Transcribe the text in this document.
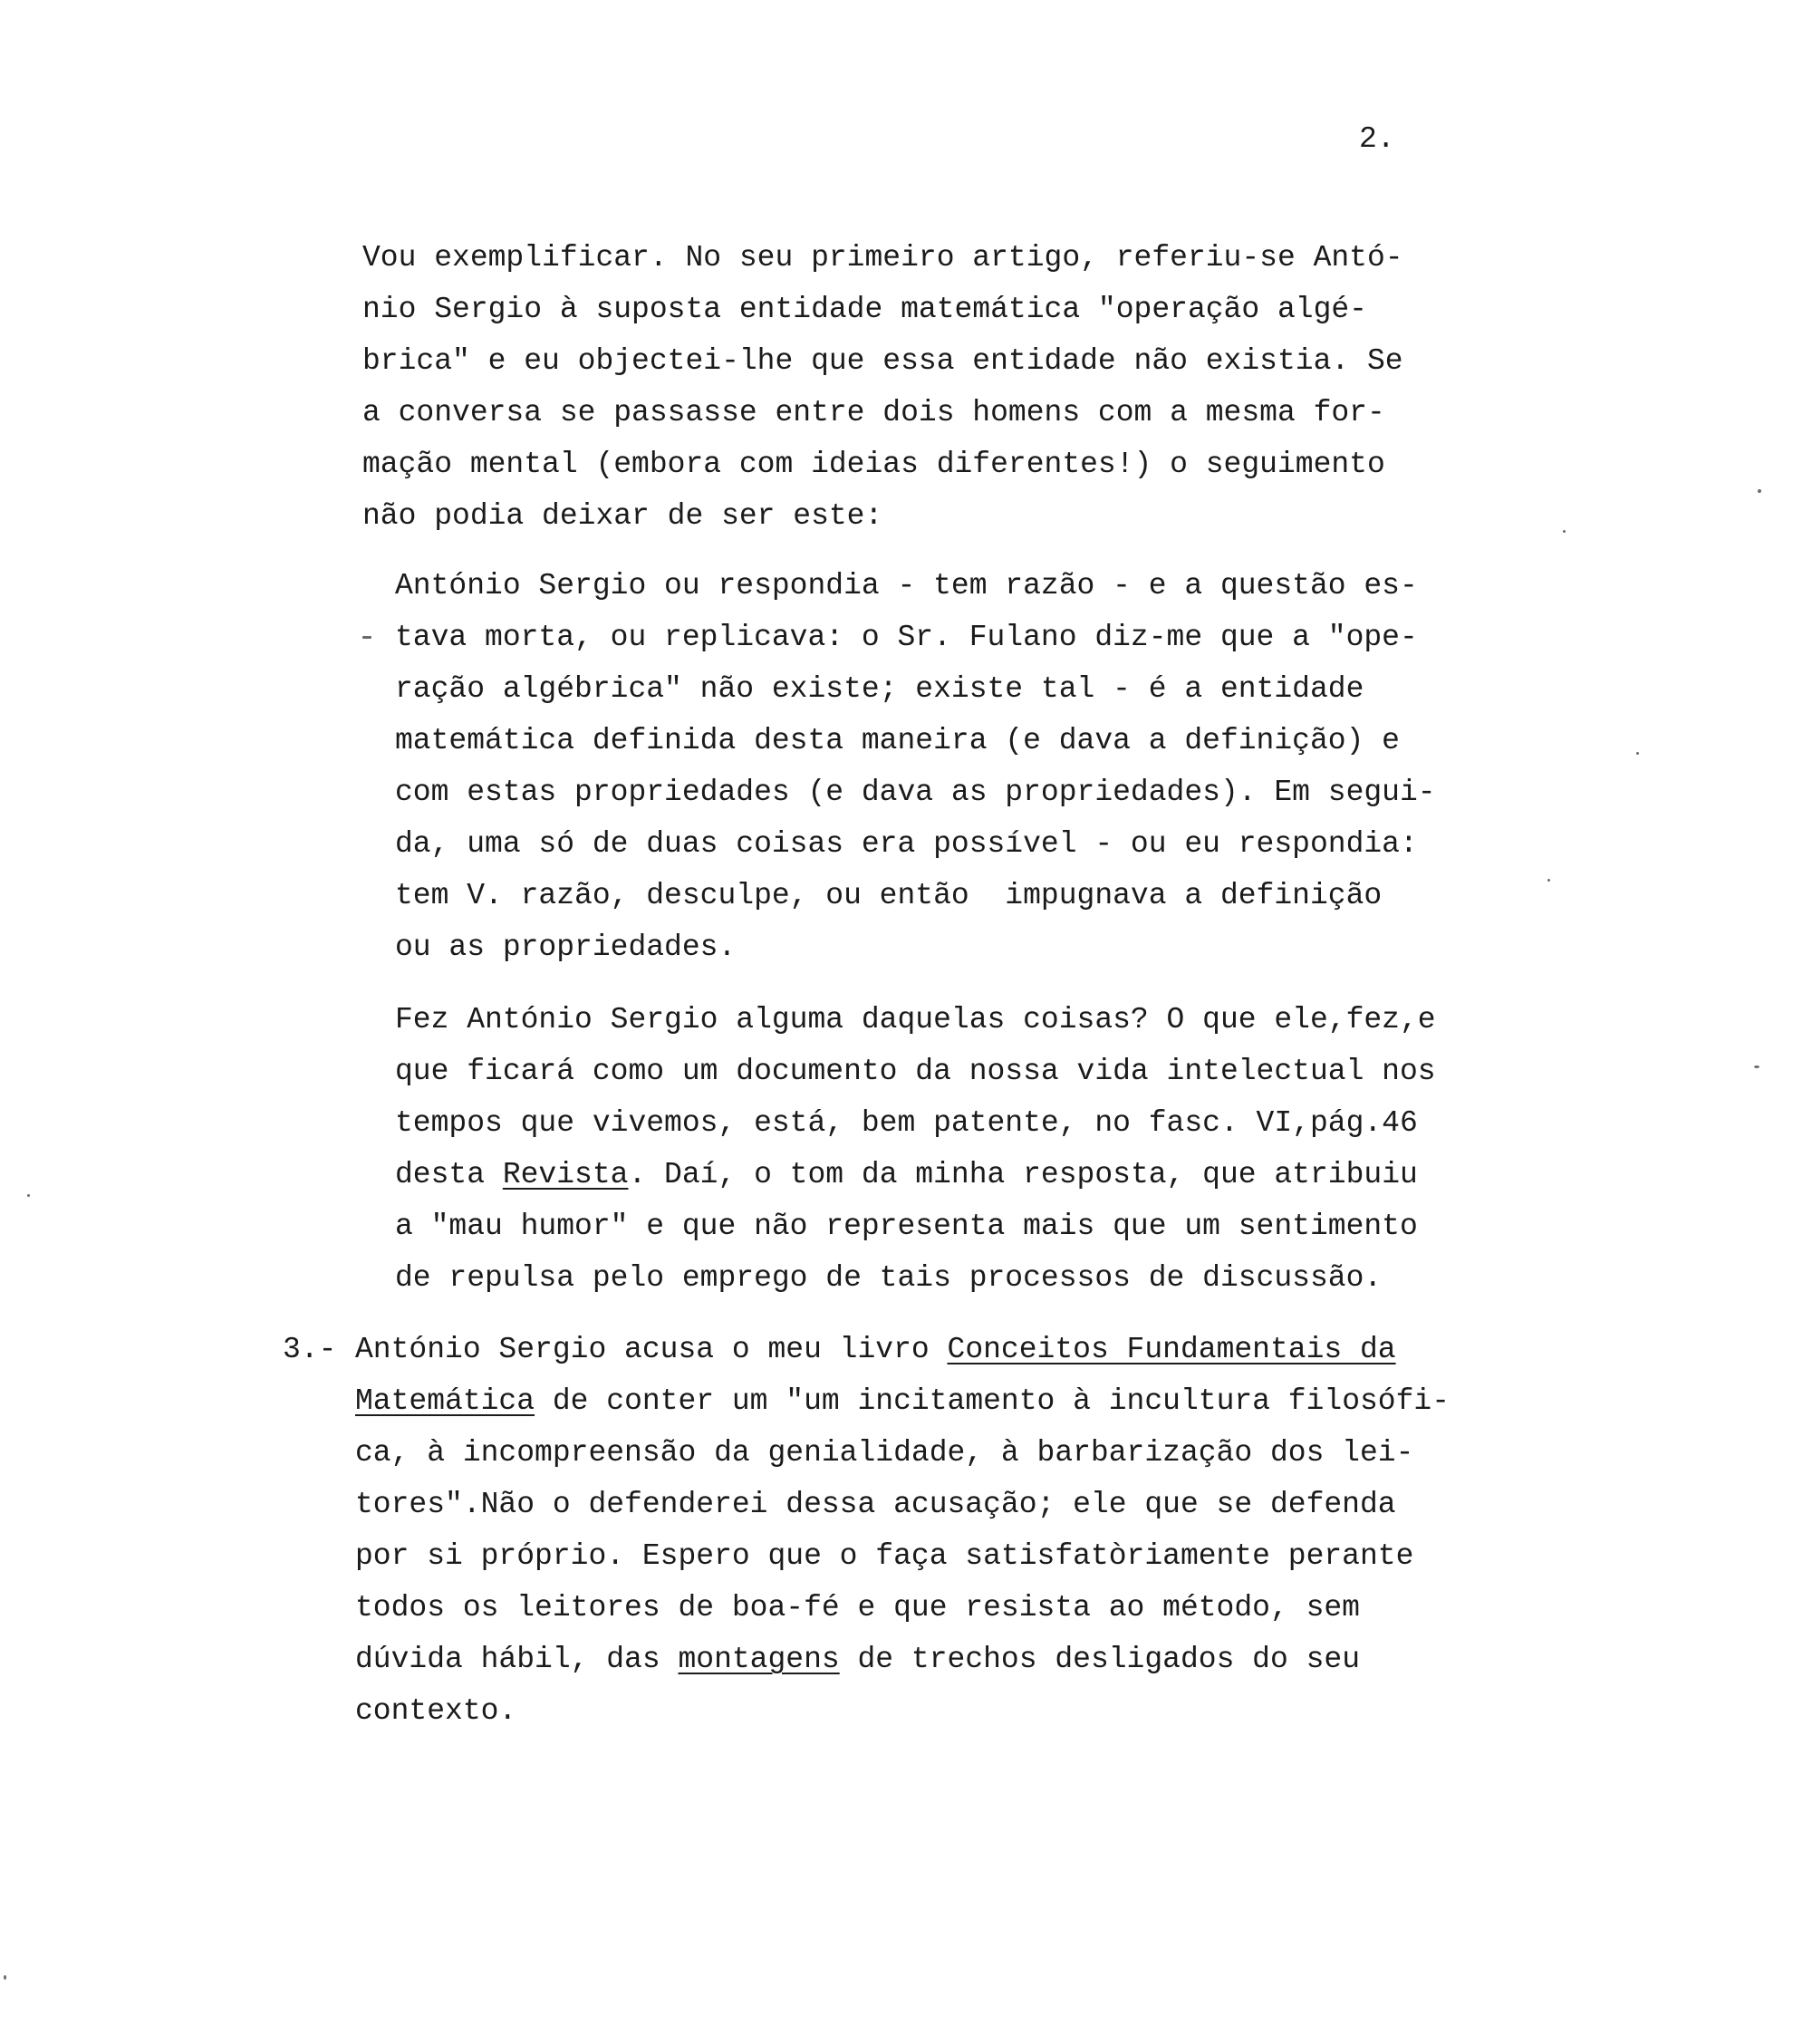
2.
Vou exemplificar. No seu primeiro artigo, referiu-se Antó-
nio Sergio à suposta entidade matemática "operação algé-
brica" e eu objectei-lhe que essa entidade não existia. Se
a conversa se passasse entre dois homens com a mesma for-
mação mental (embora com ideias diferentes!) o seguimento
não podia deixar de ser este:
António Sergio ou respondia - tem razão - e a questão es-
tava morta, ou replicava: o Sr. Fulano diz-me que a "ope-
ração algébrica" não existe; existe tal - é a entidade
matemática definida desta maneira (e dava a definição) e
com estas propriedades (e dava as propriedades). Em segui-
da, uma só de duas coisas era possível - ou eu respondia:
tem V. razão, desculpe, ou então  impugnava a definição
ou as propriedades.
Fez António Sergio alguma daquelas coisas? O que ele,fez,e
que ficará como um documento da nossa vida intelectual nos
tempos que vivemos, está, bem patente, no fasc. VI,pág.46
desta Revista. Daí, o tom da minha resposta, que atribuiu
a "mau humor" e que não representa mais que um sentimento
de repulsa pelo emprego de tais processos de discussão.
3.- António Sergio acusa o meu livro Conceitos Fundamentais da
Matemática de conter um "um incitamento à incultura filosófi-
ca, à incompreensão da genialidade, à barbarização dos lei-
tores".Não o defenderei dessa acusação; ele que se defenda
por si próprio. Espero que o faça satisfatòriamente perante
todos os leitores de boa-fé e que resista ao método, sem
dúvida hábil, das montagens de trechos desligados do seu
contexto.
